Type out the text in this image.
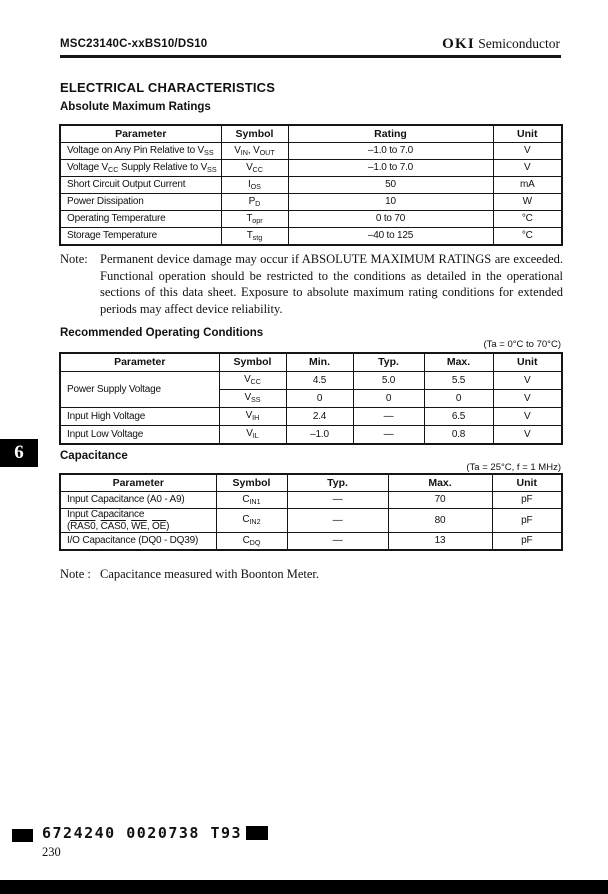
MSC23140C-xxBS10/DS10	OKI Semiconductor
ELECTRICAL CHARACTERISTICS
Absolute Maximum Ratings
Parameter	Symbol	Rating	Unit
Voltage on Any Pin Relative to $V_{SS}$	$V_{IN}$, $V_{OUT}$	–1.0 to 7.0	V
Voltage $V_{CC}$ Supply Relative to $V_{SS}$	$V_{CC}$	–1.0 to 7.0	V
Short Circuit Output Current	$I_{OS}$	50	mA
Power Dissipation	$P_D$	10	W
Operating Temperature	$T_{opr}$	0 to 70	°C
Storage Temperature	$T_{stg}$	–40 to 125	°C
Note: Permanent device damage may occur if ABSOLUTE MAXIMUM RATINGS are exceeded. Functional operation should be restricted to the conditions as detailed in the operational sections of this data sheet. Exposure to absolute maximum rating conditions for extended periods may affect device reliability.
Recommended Operating Conditions
(Ta = 0°C to 70°C)
Parameter	Symbol	Min.	Typ.	Max.	Unit
Power Supply Voltage	$V_{CC}$	4.5	5.0	5.5	V
	$V_{SS}$	0	0	0	V
Input High Voltage	$V_{IH}$	2.4	—	6.5	V
Input Low Voltage	$V_{IL}$	–1.0	—	0.8	V
6	Capacitance
(Ta = 25°C, f = 1 MHz)
Parameter	Symbol	Typ.	Max.	Unit
Input Capacitance (A0 - A9)	$C_{IN1}$	—	70	pF

Input Capacitance
(RAS0, CAS0, $\overline{WE}$, $\overline{OE}$)	$C_{IN2}$	—	80	pF
I/O Capacitance (DQ0 - DQ39)	$C_{DQ}$	—	13	pF
Note : Capacitance measured with Boonton Meter.
6724240 0020738 T93
230
